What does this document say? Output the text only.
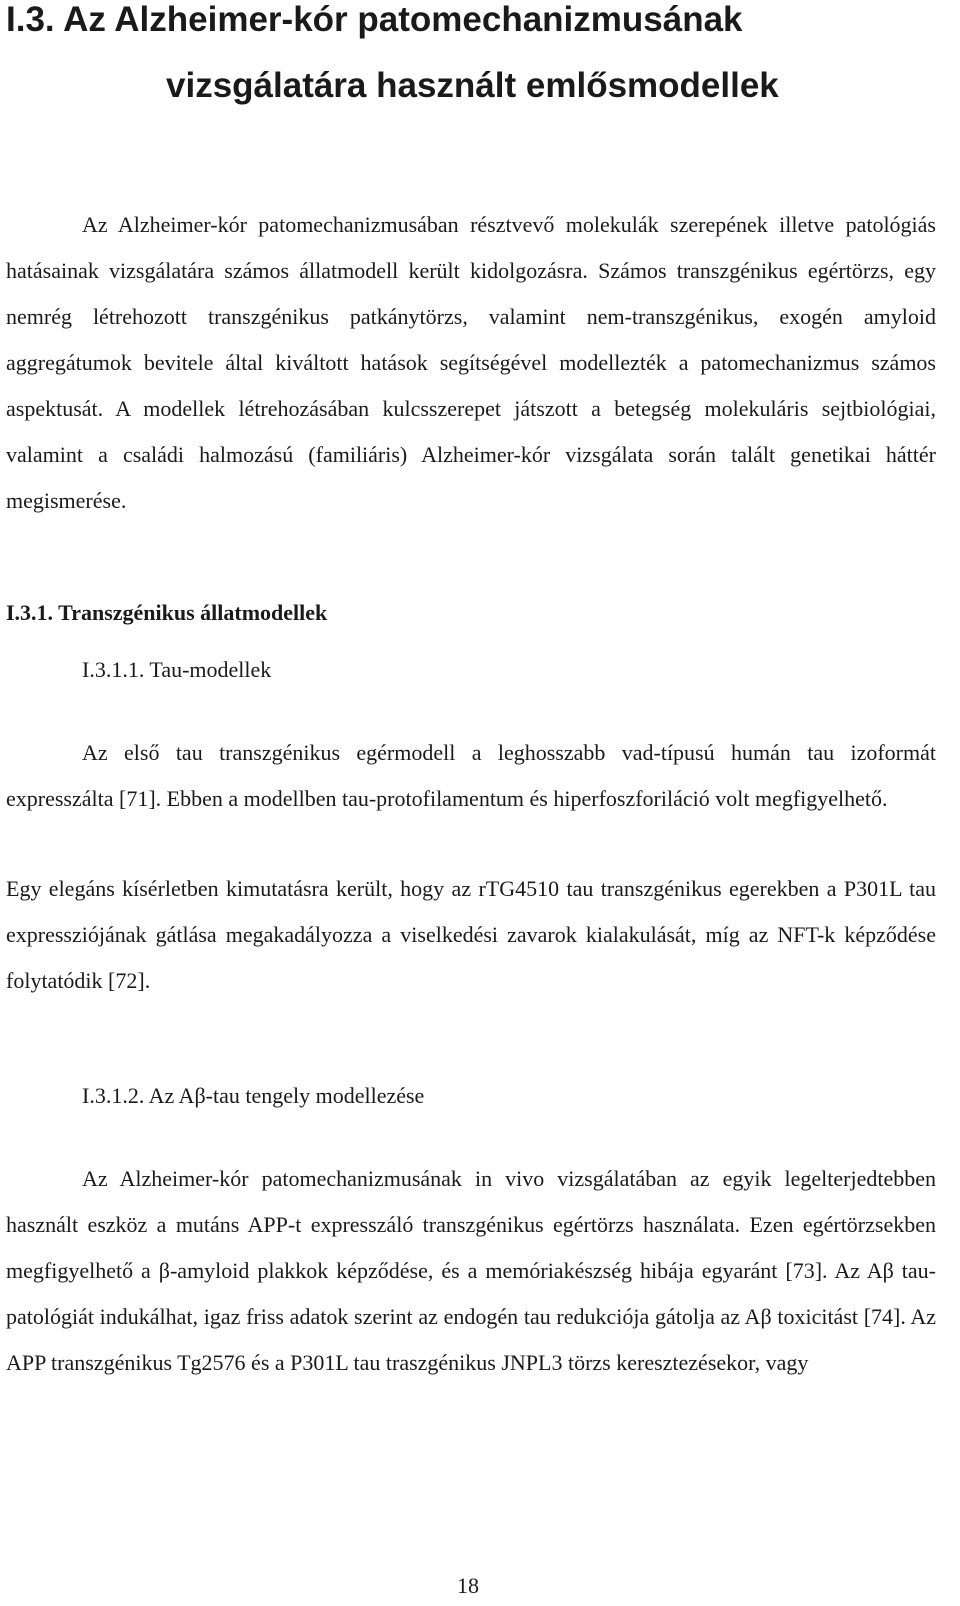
I.3. Az Alzheimer-kór patomechanizmusának
vizsgálatára használt emlősmodellek

Az Alzheimer-kór patomechanizmusában résztvevő molekulák szerepének illetve patológiás hatásainak vizsgálatára számos állatmodell került kidolgozásra. Számos transzgénikus egértörzs, egy nemrég létrehozott transzgénikus patkánytörzs, valamint nem-transzgénikus, exogén amyloid aggregátumok bevitele által kiváltott hatások segítségével modellezték a patomechanizmus számos aspektusát. A modellek létrehozásában kulcsszerepet játszott a betegség molekuláris sejtbiológiai, valamint a családi halmozású (familiáris) Alzheimer-kór vizsgálata során talált genetikai háttér megismerése.

I.3.1. Transzgénikus állatmodellek
I.3.1.1. Tau-modellek

Az első tau transzgénikus egérmodell a leghosszabb vad-típusú humán tau izoformát expresszálta [71]. Ebben a modellben tau-protofilamentum és hiperfoszforiláció volt megfigyelhető.

Egy elegáns kísérletben kimutatásra került, hogy az rTG4510 tau transzgénikus egerekben a P301L tau expressziójának gátlása megakadályozza a viselkedési zavarok kialakulását, míg az NFT-k képződése folytatódik [72].

I.3.1.2. Az Aβ-tau tengely modellezése

Az Alzheimer-kór patomechanizmusának in vivo vizsgálatában az egyik legelterjedtebben használt eszköz a mutáns APP-t expresszáló transzgénikus egértörzs használata. Ezen egértörzsekben megfigyelhető a β-amyloid plakkok képződése, és a memóriakészség hibája egyaránt [73]. Az Aβ tau-patológiát indukálhat, igaz friss adatok szerint az endogén tau redukciója gátolja az Aβ toxicitást [74]. Az APP transzgénikus Tg2576 és a P301L tau traszgénikus JNPL3 törzs keresztezésekor, vagy

18
